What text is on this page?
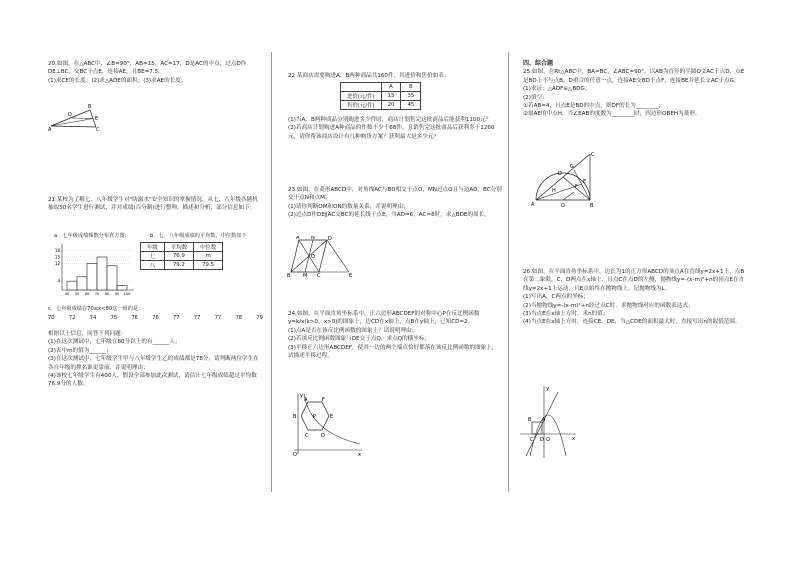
20.如图，在△ABC中，∠B=90°，AB=15，AC=17，D是AC的中点，过点D作DE⊥BC，交BC于点E，连接AE，且BE=7.5。

(1)求CE的长度；(2)求△ADE的面积；(3)求AE的长度。

A
B
C
D
E

21.某校为了解七、八年级学生对"防溺水"安全知识的掌握情况，从七、八年级各随机抽取50名学生进行测试，并对成绩(百分制)进行整理、描述和分析，部分信息如下：

a．七年级成绩频数分布直方图：	b．七、八年级成绩的平均数、中位数如下
4
12
15
18
40 50 60 70 80 90 100
年级	平均数	中位数
七	76.9	m
八	79.2	79.5
c．七年级成绩在70≤x<80这一组的是：
70	72	74	75	76	76	77	77	77	78	79

根据以上信息，回答下列问题：

(1)在这次测试中，七年级在80分以上的有______人；

(2)表中m的值为______；

(3)在这次测试中，七年级学生甲与八年级学生乙的成绩都是78分，请判断两位学生在各自年级的排名谁更靠前，并说明理由；

(4)该校七年级学生有400人，假设全部参加此次测试，请估计七年级成绩超过平均数76.9分的人数。

22.某商店需要购进A、B两种商品共160件，其进价和售价如表：

	A	B
进价(元/件)	15	35
售价(元/件)	20	45

(1)当A、B两种商品分别购进多少件时，商店计划售完这批商品后能获利1100元？

(2)若商店计划购进A种商品的件数不少于68件，且销售完这批商品后获利多于1260元，请你帮该商店设计有几种购货方案？获利最大是多少元？

23.如图，在菱形ABCD中，对角线AC与BD相交于点O，MN过点O且与边AD、BC分别交于点N和点M。

(1)请你判断OM和ON的数量关系，并说明理由；

(2)过点D作DE∥AC交BC的延长线于点E，当AD=6，AC=8时，求△BDE的周长。

A N	D
O
B	M C	E

24.如图，在平面直角坐标系中，正六边形ABCDEF的对称中心P在反比例函数y=k/x(k>0，x>0)的图象上，边CD在x轴上，点B在y轴上，已知CD=2。

(1)点A是否在该反比例函数的图象上？请说明理由；

(2)若该反比例函数图象与DE交于点Q，求点Q的横坐标；

(3)平移正六边形ABCDEF，使其一边的两个端点恰好都落在该反比例函数的图象上，试描述平移过程。

y
A	F
B	P	E
O
C	D
x

四、综合题

25.如图，在Rt△ABC中，BA=BC，∠ABC=90°，以AB为直径的半圆O交AC于点D，点E是BD上不与点B，D重合的任意一点，连接AE交BD于点F，连接BE并延长交AC于点G。

(1)求证：△ADF≌△BDG；

(2)填空：

①若AB=4，且点E是BD的中点，则DF的长为________；

②取AE的中点H，当∠EAB的度数为________时，四边形OBEH为菱形。

C
G
D
E
F
H
A	O	B

26.如图，在平面直角坐标系中，边长为1的正方形ABCD的顶点A在直线y=2x+1上，点B在第二象限，C，D两点在x轴上，且点C在点D的左侧，抛物线y=-(x-m)²+n的顶点E在直线y=2x+1上运动，且E点始终在抛物线上，记抛物线为L。

(1)写出A，C两点的坐标；

(2)当抛物线y=-(x-m)²+n经过点C时，求抛物线对应的函数表达式；

(3)当点E在x轴上方时，求n的值；

(4)当点E在x轴上方时，连接CE、DE，当△CDE的面积最大时，直接写出n的取值范围。

y
B A
C D	x
O
